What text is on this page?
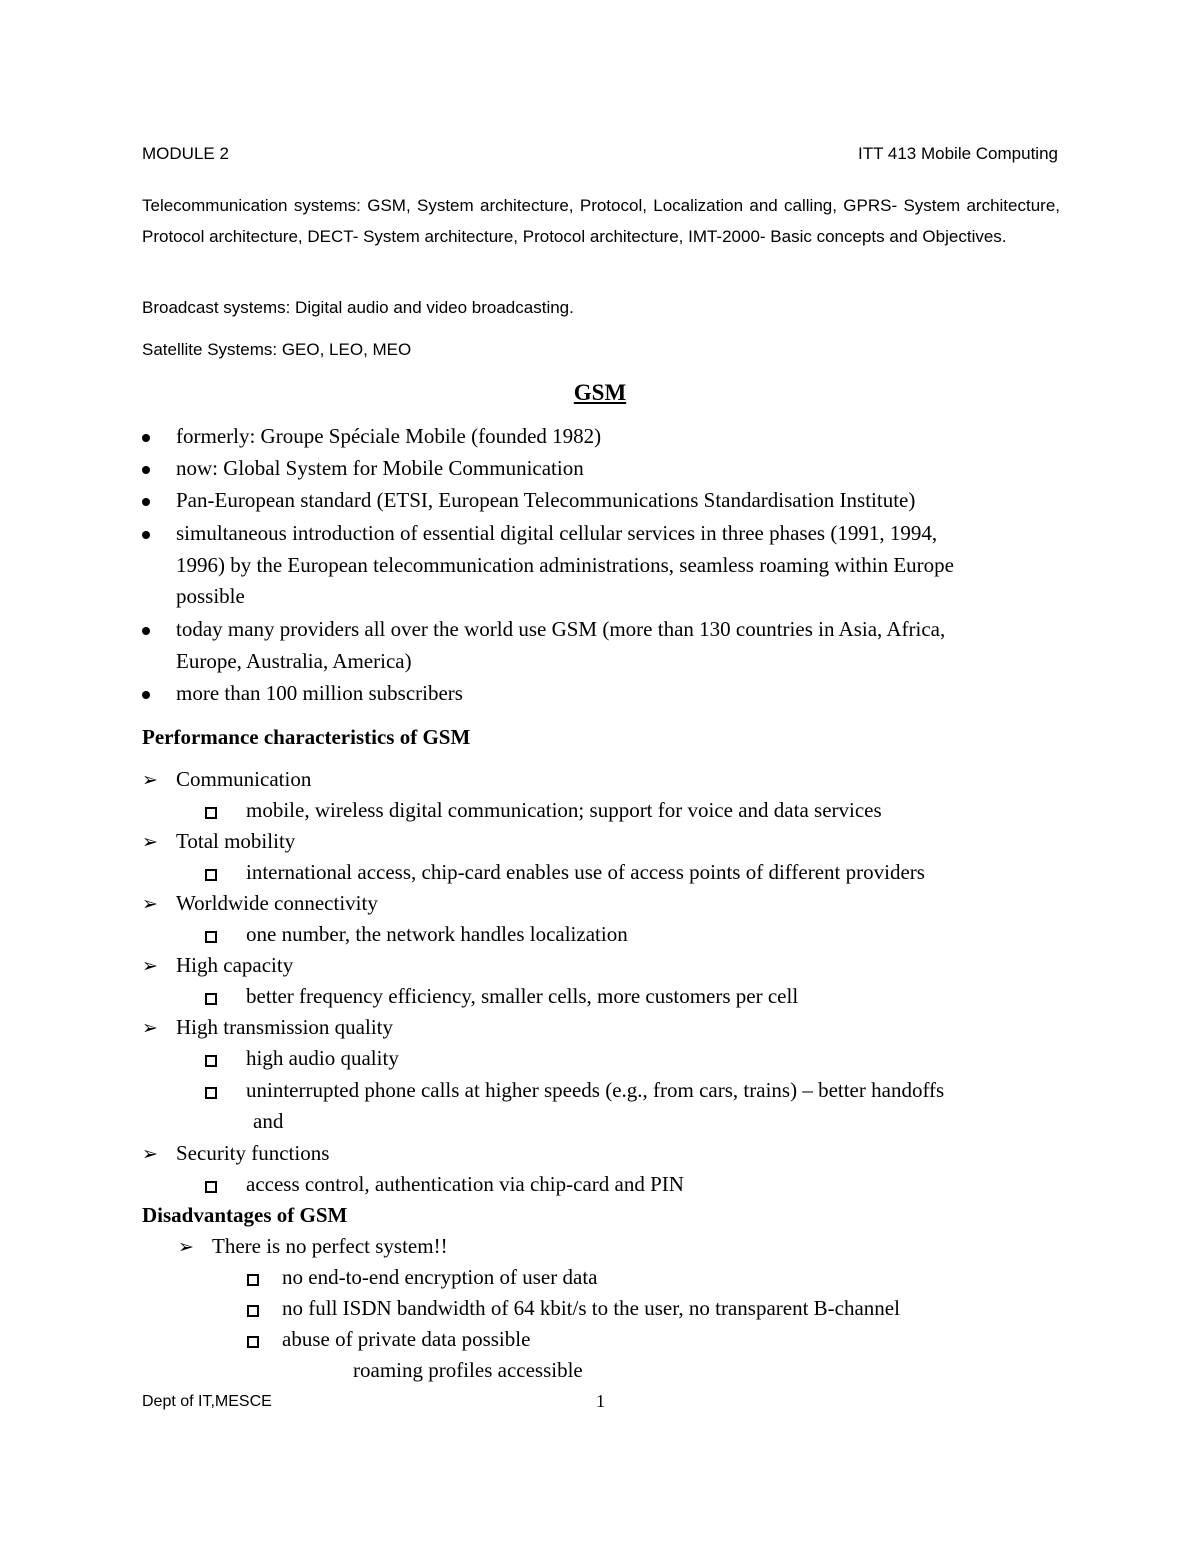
MODULE 2	ITT 413 Mobile Computing
Telecommunication systems: GSM, System architecture, Protocol, Localization and calling, GPRS- System architecture, Protocol architecture, DECT- System architecture, Protocol architecture, IMT-2000- Basic concepts and Objectives.
Broadcast systems: Digital audio and video broadcasting.
Satellite Systems: GEO, LEO, MEO
GSM
formerly: Groupe Spéciale Mobile (founded 1982)
now: Global System for Mobile Communication
Pan-European standard (ETSI, European Telecommunications Standardisation Institute)
simultaneous introduction of essential digital cellular services in three phases (1991, 1994,
1996) by the European telecommunication administrations, seamless roaming within Europe
possible
today many providers all over the world use GSM (more than 130 countries in Asia, Africa,
Europe, Australia, America)
more than 100 million subscribers
Performance characteristics of GSM
➢ Communication
mobile, wireless digital communication; support for voice and data services
➢ Total mobility
international access, chip-card enables use of access points of different providers
➢ Worldwide connectivity
one number, the network handles localization
➢ High capacity
better frequency efficiency, smaller cells, more customers per cell
➢ High transmission quality
high audio quality
uninterrupted phone calls at higher speeds (e.g., from cars, trains) – better handoffs
and
➢ Security functions
access control, authentication via chip-card and PIN
Disadvantages of GSM
➢ There is no perfect system!!
no end-to-end encryption of user data
no full ISDN bandwidth of 64 kbit/s to the user, no transparent B-channel
abuse of private data possible
roaming profiles accessible
Dept of IT,MESCE	1
